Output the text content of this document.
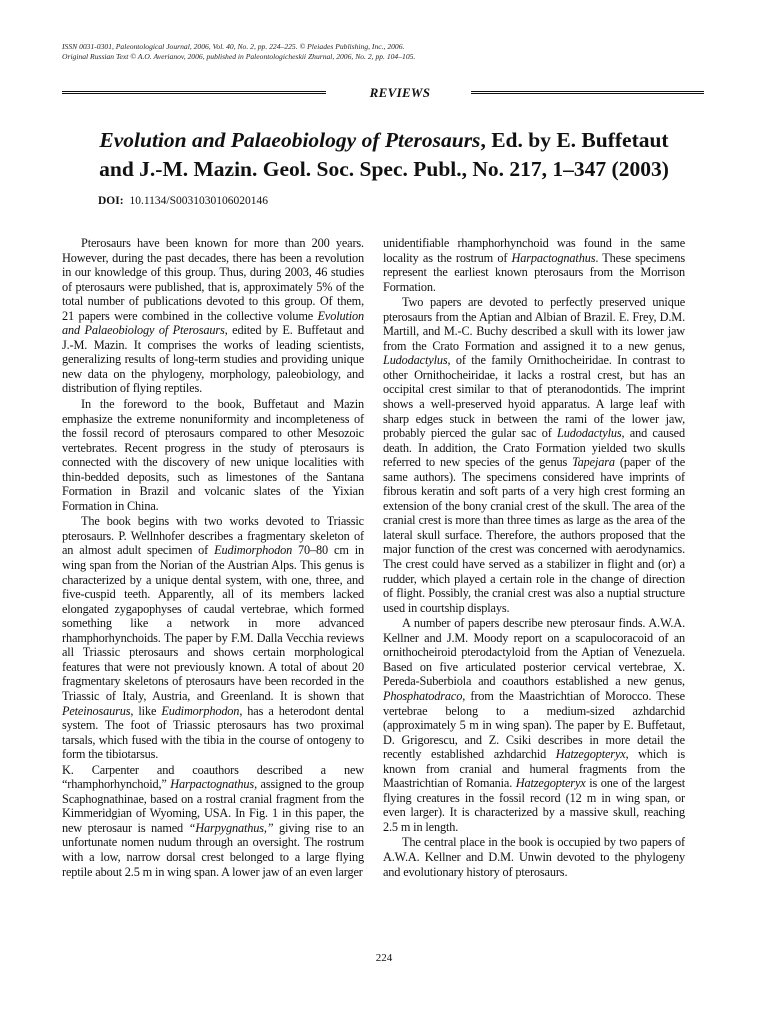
ISSN 0031-0301, Paleontological Journal, 2006, Vol. 40, No. 2, pp. 224–225. © Pleiades Publishing, Inc., 2006.
Original Russian Text © A.O. Averianov, 2006, published in Paleontologicheskii Zhurnal, 2006, No. 2, pp. 104–105.
REVIEWS
Evolution and Palaeobiology of Pterosaurs, Ed. by E. Buffetaut
and J.-M. Mazin. Geol. Soc. Spec. Publ., No. 217, 1–347 (2003)
DOI: 10.1134/S0031030106020146

Pterosaurs have been known for more than 200 years. However, during the past decades, there has been a revolution in our knowledge of this group. Thus, during 2003, 46 studies of pterosaurs were published, that is, approximately 5% of the total number of publications devoted to this group. Of them, 21 papers were combined in the collective volume Evolution and Palaeobiology of Pterosaurs, edited by E. Buffetaut and J.-M. Mazin. It comprises the works of leading scientists, generalizing results of long-term studies and providing unique new data on the phylogeny, morphology, paleobiology, and distribution of flying reptiles.

In the foreword to the book, Buffetaut and Mazin emphasize the extreme nonuniformity and incompleteness of the fossil record of pterosaurs compared to other Mesozoic vertebrates. Recent progress in the study of pterosaurs is connected with the discovery of new unique localities with thin-bedded deposits, such as limestones of the Santana Formation in Brazil and volcanic slates of the Yixian Formation in China.

The book begins with two works devoted to Triassic pterosaurs. P. Wellnhofer describes a fragmentary skeleton of an almost adult specimen of Eudimorphodon 70–80 cm in wing span from the Norian of the Austrian Alps. This genus is characterized by a unique dental system, with one, three, and five-cuspid teeth. Apparently, all of its members lacked elongated zygapophyses of caudal vertebrae, which formed something like a network in more advanced rhamphorhynchoids. The paper by F.M. Dalla Vecchia reviews all Triassic pterosaurs and shows certain morphological features that were not previously known. A total of about 20 fragmentary skeletons of pterosaurs have been recorded in the Triassic of Italy, Austria, and Greenland. It is shown that Peteinosaurus, like Eudimorphodon, has a heterodont dental system. The foot of Triassic pterosaurs has two proximal tarsals, which fused with the tibia in the course of ontogeny to form the tibiotarsus.

K. Carpenter and coauthors described a new “rhamphorhynchoid,” Harpactognathus, assigned to the group Scaphognathinae, based on a rostral cranial fragment from the Kimmeridgian of Wyoming, USA. In Fig. 1 in this paper, the new pterosaur is named “Harpygnathus,” giving rise to an unfortunate nomen nudum through an oversight. The rostrum with a low, narrow dorsal crest belonged to a large flying reptile about 2.5 m in wing span. A lower jaw of an even larger

unidentifiable rhamphorhynchoid was found in the same locality as the rostrum of Harpactognathus. These specimens represent the earliest known pterosaurs from the Morrison Formation.

Two papers are devoted to perfectly preserved unique pterosaurs from the Aptian and Albian of Brazil. E. Frey, D.M. Martill, and M.-C. Buchy described a skull with its lower jaw from the Crato Formation and assigned it to a new genus, Ludodactylus, of the family Ornithocheiridae. In contrast to other Ornithocheiridae, it lacks a rostral crest, but has an occipital crest similar to that of pteranodontids. The imprint shows a well-preserved hyoid apparatus. A large leaf with sharp edges stuck in between the rami of the lower jaw, probably pierced the gular sac of Ludodactylus, and caused death. In addition, the Crato Formation yielded two skulls referred to new species of the genus Tapejara (paper of the same authors). The specimens considered have imprints of fibrous keratin and soft parts of a very high crest forming an extension of the bony cranial crest of the skull. The area of the cranial crest is more than three times as large as the area of the lateral skull surface. Therefore, the authors proposed that the major function of the crest was concerned with aerodynamics. The crest could have served as a stabilizer in flight and (or) a rudder, which played a certain role in the change of direction of flight. Possibly, the cranial crest was also a nuptial structure used in courtship displays.

A number of papers describe new pterosaur finds. A.W.A. Kellner and J.M. Moody report on a scapulocoracoid of an ornithocheiroid pterodactyloid from the Aptian of Venezuela. Based on five articulated posterior cervical vertebrae, X. Pereda-Suberbiola and coauthors established a new genus, Phosphatodraco, from the Maastrichtian of Morocco. These vertebrae belong to a medium-sized azhdarchid (approximately 5 m in wing span). The paper by E. Buffetaut, D. Grigorescu, and Z. Csiki describes in more detail the recently established azhdarchid Hatzegopteryx, which is known from cranial and humeral fragments from the Maastrichtian of Romania. Hatzegopteryx is one of the largest flying creatures in the fossil record (12 m in wing span, or even larger). It is characterized by a massive skull, reaching 2.5 m in length.

The central place in the book is occupied by two papers of A.W.A. Kellner and D.M. Unwin devoted to the phylogeny and evolutionary history of pterosaurs.

224
